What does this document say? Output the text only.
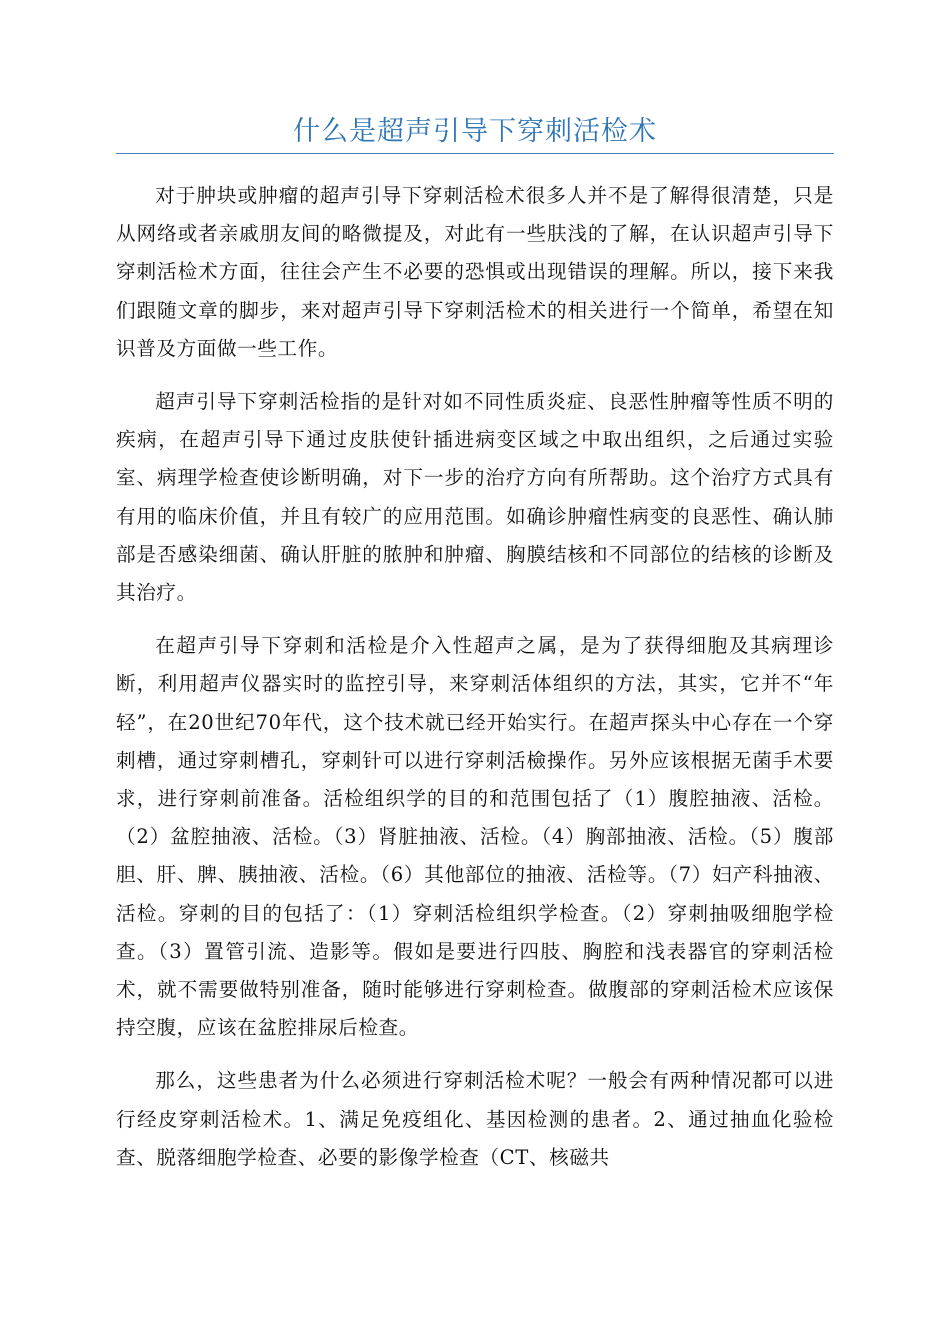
什么是超声引导下穿刺活检术

对于肿块或肿瘤的超声引导下穿刺活检术很多人并不是了解得很清楚，只是从网络或者亲戚朋友间的略微提及，对此有一些肤浅的了解，在认识超声引导下穿刺活检术方面，往往会产生不必要的恐惧或出现错误的理解。所以，接下来我们跟随文章的脚步，来对超声引导下穿刺活检术的相关进行一个简单，希望在知识普及方面做一些工作。

超声引导下穿刺活检指的是针对如不同性质炎症、良恶性肿瘤等性质不明的疾病，在超声引导下通过皮肤使针插进病变区域之中取出组织，之后通过实验室、病理学检查使诊断明确，对下一步的治疗方向有所帮助。这个治疗方式具有有用的临床价值，并且有较广的应用范围。如确诊肿瘤性病变的良恶性、确认肺部是否感染细菌、确认肝脏的脓肿和肿瘤、胸膜结核和不同部位的结核的诊断及其治疗。

在超声引导下穿刺和活检是介入性超声之属，是为了获得细胞及其病理诊断，利用超声仪器实时的监控引导，来穿刺活体组织的方法，其实，它并不“年轻”，在20世纪70年代，这个技术就已经开始实行。在超声探头中心存在一个穿刺槽，通过穿刺槽孔，穿刺针可以进行穿刺活檢操作。另外应该根据无菌手术要求，进行穿刺前准备。活检组织学的目的和范围包括了（1）腹腔抽液、活检。（2）盆腔抽液、活检。（3）肾脏抽液、活检。（4）胸部抽液、活检。（5）腹部胆、肝、脾、胰抽液、活检。（6）其他部位的抽液、活检等。（7）妇产科抽液、活检。穿刺的目的包括了：（1）穿刺活检组织学检查。（2）穿刺抽吸细胞学检查。（3）置管引流、造影等。假如是要进行四肢、胸腔和浅表器官的穿刺活检术，就不需要做特别准备，随时能够进行穿刺检查。做腹部的穿刺活检术应该保持空腹，应该在盆腔排尿后检查。

那么，这些患者为什么必须进行穿刺活检术呢？一般会有两种情况都可以进行经皮穿刺活检术。1、满足免疫组化、基因检测的患者。2、通过抽血化验检查、脱落细胞学检查、必要的影像学检查（CT、核磁共
